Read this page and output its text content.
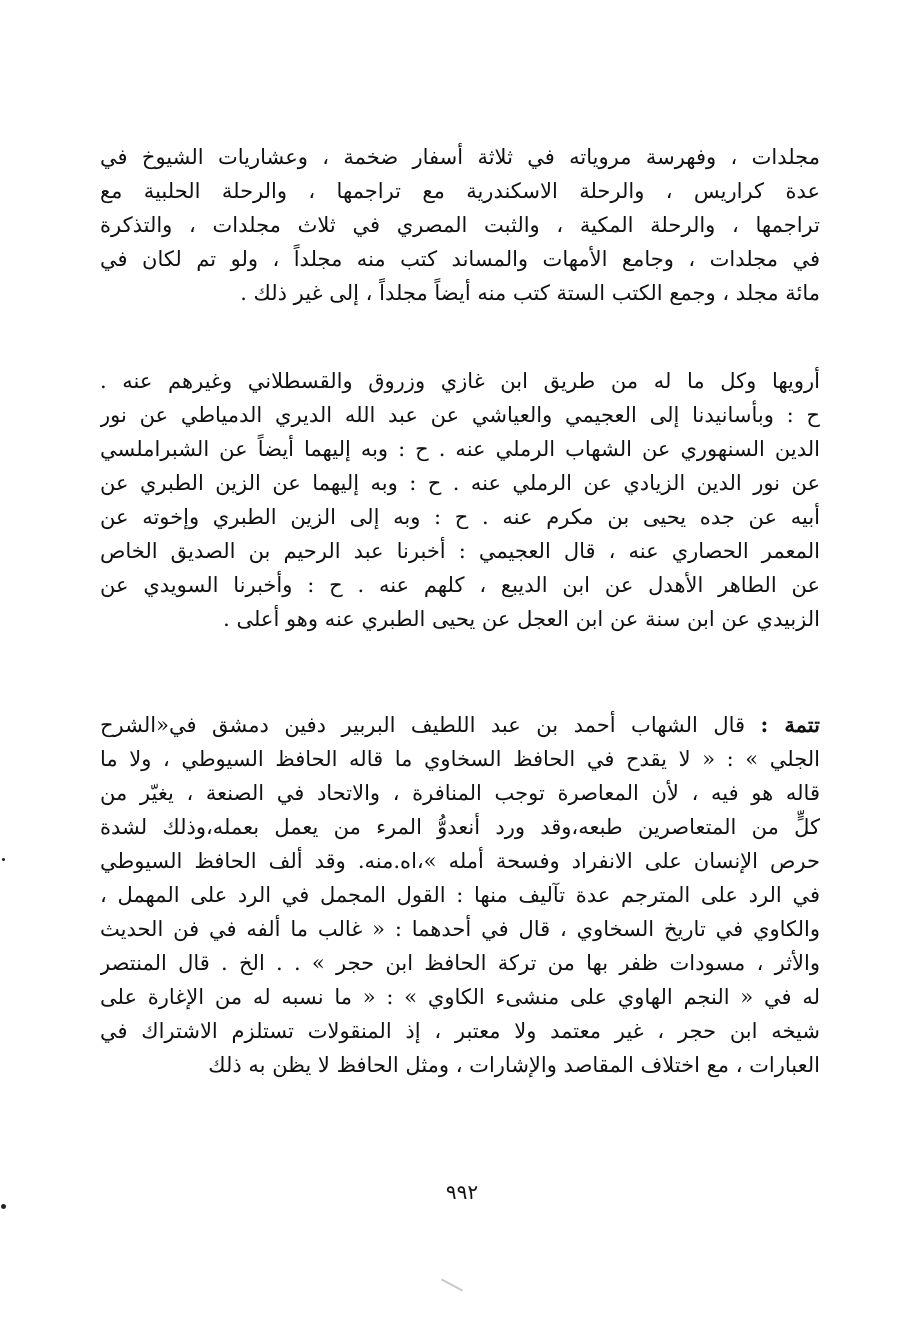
مجلدات ، وفهرسة مروياته في ثلاثة أسفار ضخمة ، وعشاريات الشيوخ في
عدة كراريس ، والرحلة الاسكندرية مع تراجمها ، والرحلة الحلبية مع
تراجمها ، والرحلة المكية ، والثبت المصري في ثلاث مجلدات ، والتذكرة
في مجلدات ، وجامع الأمهات والمساند كتب منه مجلداً ، ولو تم لكان في
مائة مجلد ، وجمع الكتب الستة كتب منه أيضاً مجلداً ، إلى غير ذلك .
أرويها وكل ما له من طريق ابن غازي وزروق والقسطلاني وغيرهم عنه .
ح : وبأسانيدنا إلى العجيمي والعياشي عن عبد الله الديري الدمياطي عن نور
الدين السنهوري عن الشهاب الرملي عنه . ح : وبه إليهما أيضاً عن الشبراملسي
عن نور الدين الزيادي عن الرملي عنه . ح : وبه إليهما عن الزين الطبري عن
أبيه عن جده يحيى بن مكرم عنه . ح : وبه إلى الزين الطبري وإخوته عن
المعمر الحصاري عنه ، قال العجيمي : أخبرنا عبد الرحيم بن الصديق الخاص
عن الطاهر الأهدل عن ابن الديبع ، كلهم عنه . ح : وأخبرنا السويدي عن
الزبيدي عن ابن سنة عن ابن العجل عن يحيى الطبري عنه وهو أعلى .
تتمة : قال الشهاب أحمد بن عبد اللطيف البربير دفين دمشق في«الشرح
الجلي » : « لا يقدح في الحافظ السخاوي ما قاله الحافظ السيوطي ، ولا ما
قاله هو فيه ، لأن المعاصرة توجب المنافرة ، والاتحاد في الصنعة ، يغيّر من
كلٍّ من المتعاصرين طبعه،وقد ورد أنعدوُّ المرء من يعمل بعمله،وذلك لشدة
حرص الإنسان على الانفراد وفسحة أمله »،اه.منه. وقد ألف الحافظ السيوطي
في الرد على المترجم عدة تآليف منها : القول المجمل في الرد على المهمل ،
والكاوي في تاريخ السخاوي ، قال في أحدهما : « غالب ما ألفه في فن الحديث
والأثر ، مسودات ظفر بها من تركة الحافظ ابن حجر » . . الخ . قال المنتصر
له في « النجم الهاوي على منشىء الكاوي » : « ما نسبه له من الإغارة على
شيخه ابن حجر ، غير معتمد ولا معتبر ، إذ المنقولات تستلزم الاشتراك في
العبارات ، مع اختلاف المقاصد والإشارات ، ومثل الحافظ لا يظن به ذلك
٩٩٢
